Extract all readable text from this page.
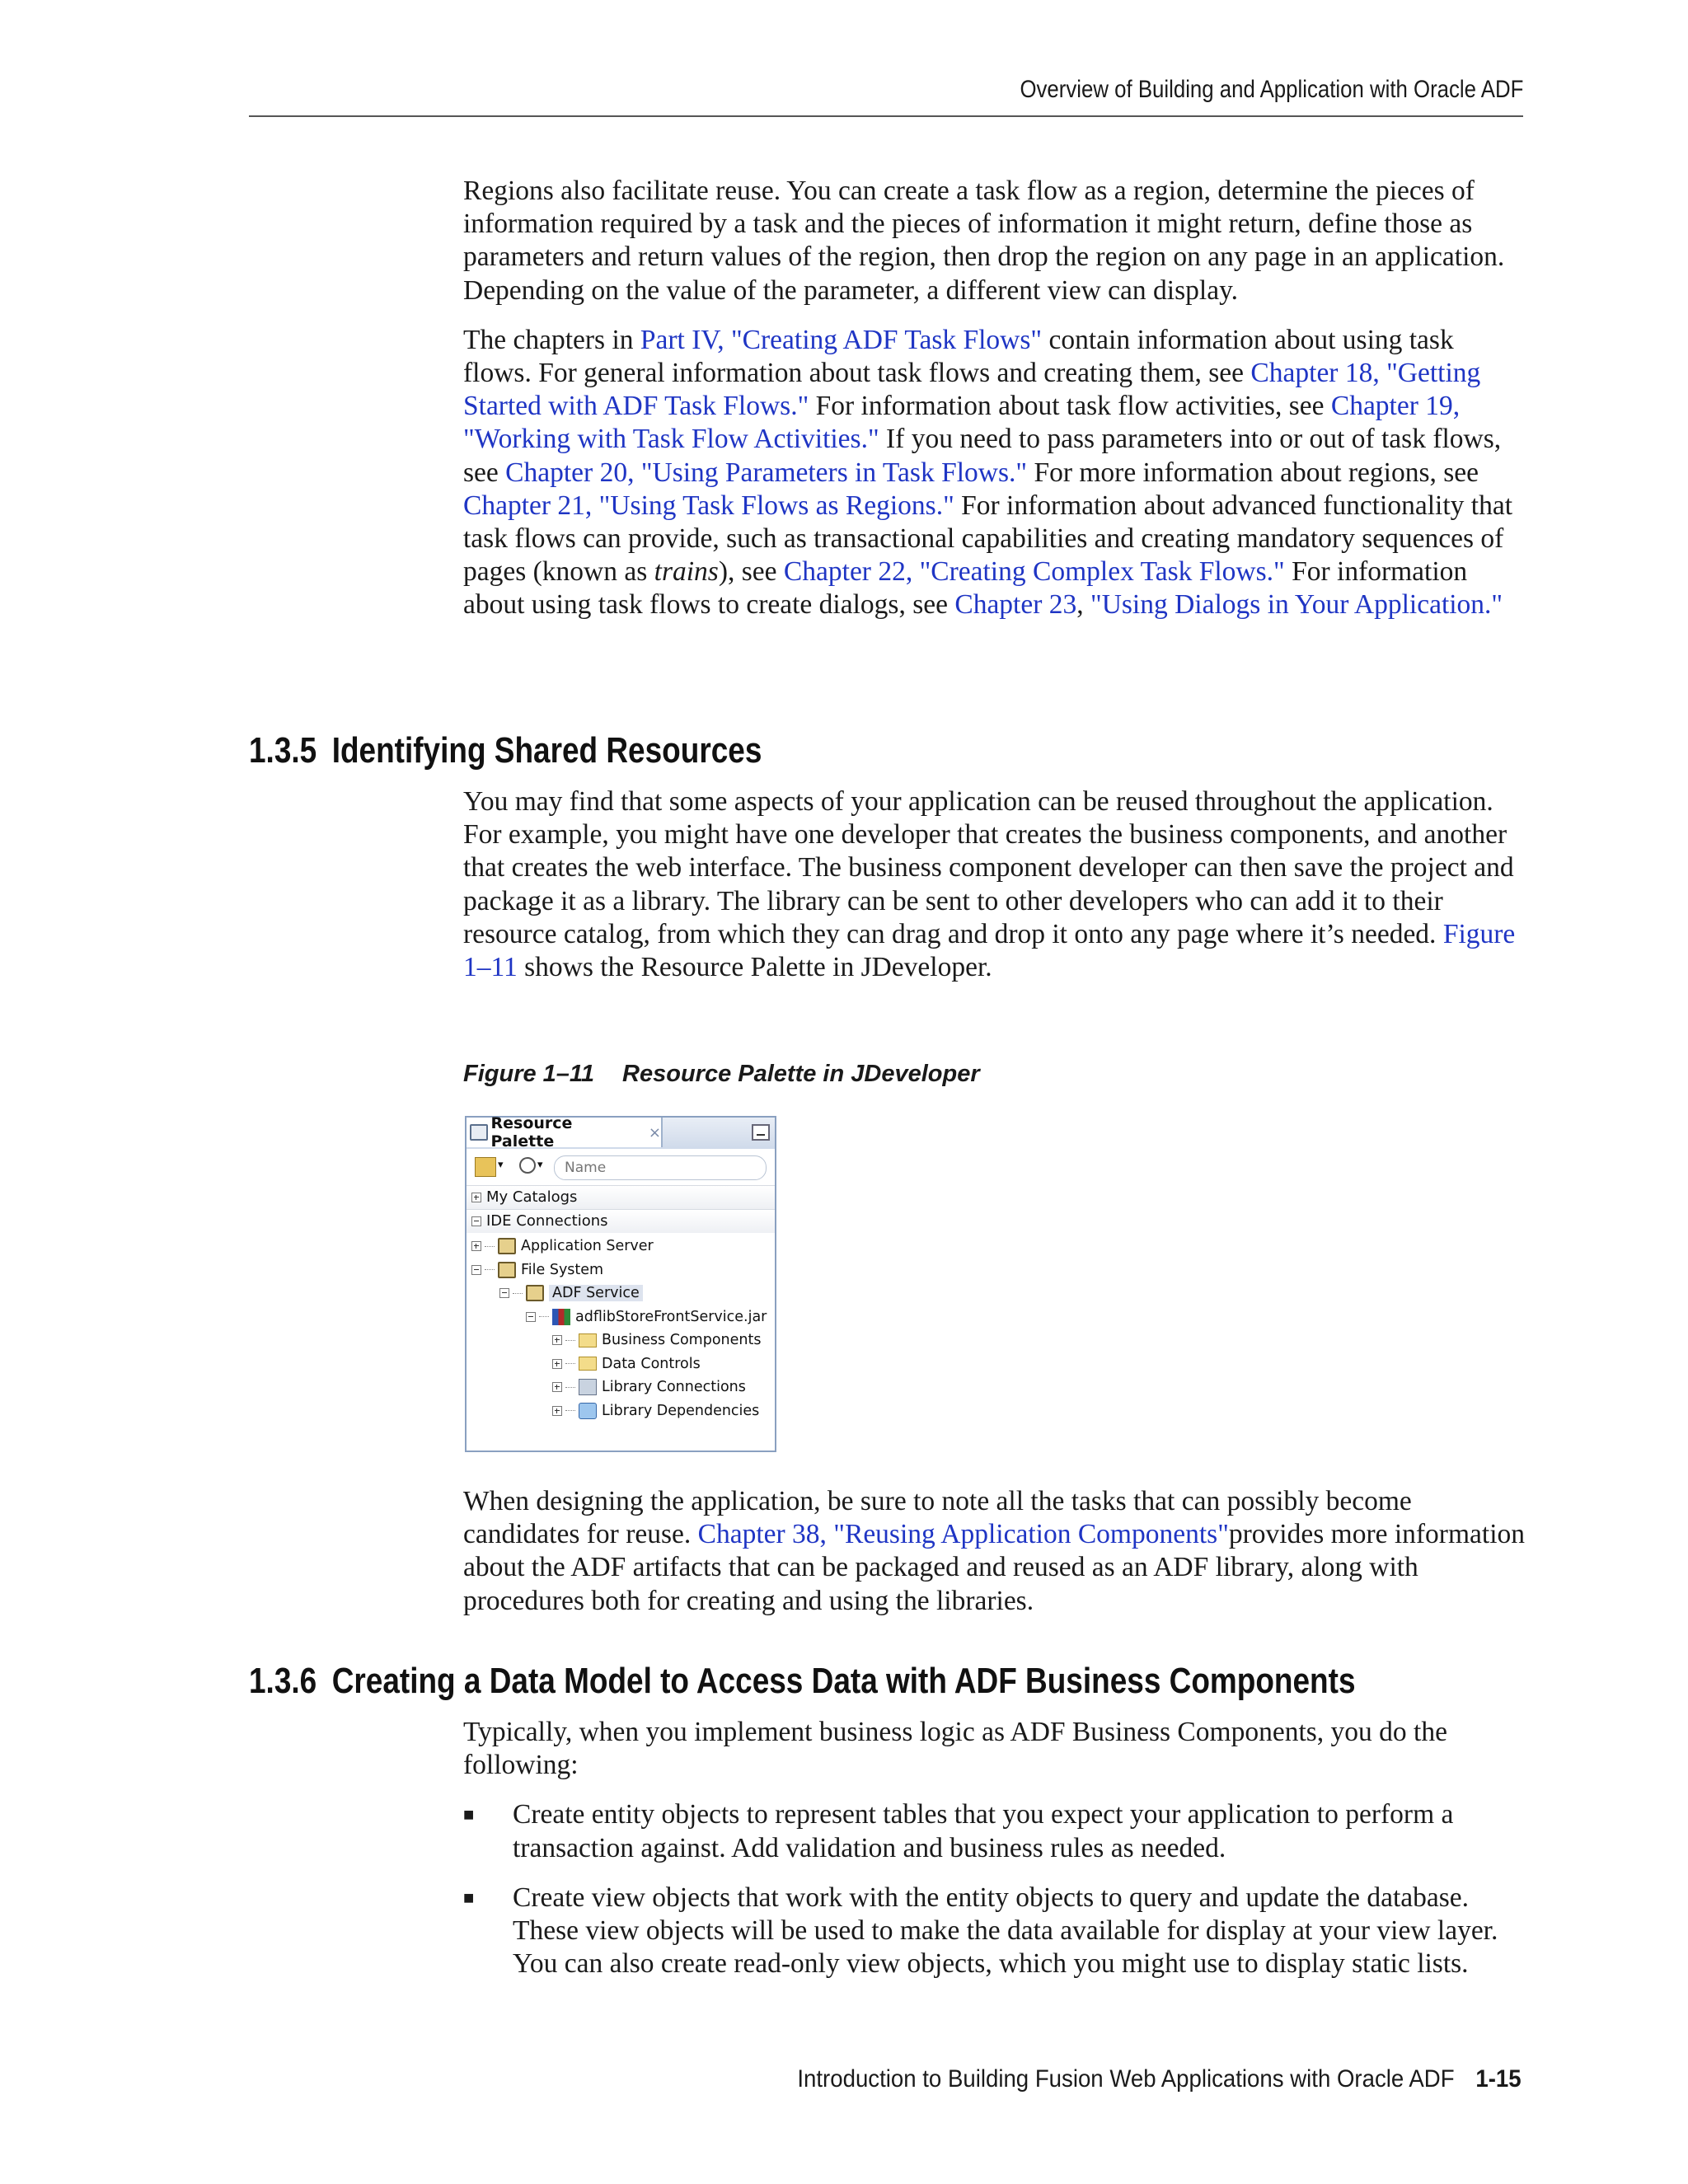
Overview of Building and Application with Oracle ADF

Regions also facilitate reuse. You can create a task flow as a region, determine the pieces of information required by a task and the pieces of information it might return, define those as parameters and return values of the region, then drop the region on any page in an application. Depending on the value of the parameter, a different view can display.

The chapters in Part IV, "Creating ADF Task Flows" contain information about using task flows. For general information about task flows and creating them, see Chapter 18, "Getting Started with ADF Task Flows." For information about task flow activities, see Chapter 19, "Working with Task Flow Activities." If you need to pass parameters into or out of task flows, see Chapter 20, "Using Parameters in Task Flows." For more information about regions, see Chapter 21, "Using Task Flows as Regions." For information about advanced functionality that task flows can provide, such as transactional capabilities and creating mandatory sequences of pages (known as trains), see Chapter 22, "Creating Complex Task Flows." For information about using task flows to create dialogs, see Chapter 23, "Using Dialogs in Your Application."

1.3.5 Identifying Shared Resources

You may find that some aspects of your application can be reused throughout the application. For example, you might have one developer that creates the business components, and another that creates the web interface. The business component developer can then save the project and package it as a library. The library can be sent to other developers who can add it to their resource catalog, from which they can drag and drop it onto any page where it’s needed. Figure 1–11 shows the Resource Palette in JDeveloper.

Figure 1–11 Resource Palette in JDeveloper
Resource Palette	×
▾	▾
Name
My Catalogs
IDE Connections
Application Server
File System
ADF Service
adflibStoreFrontService.jar
Business Components
Data Controls
Library Connections
Library Dependencies

When designing the application, be sure to note all the tasks that can possibly become candidates for reuse. Chapter 38, "Reusing Application Components"provides more information about the ADF artifacts that can be packaged and reused as an ADF library, along with procedures both for creating and using the libraries.

1.3.6 Creating a Data Model to Access Data with ADF Business Components

Typically, when you implement business logic as ADF Business Components, you do the following:

■ Create entity objects to represent tables that you expect your application to perform a transaction against. Add validation and business rules as needed.
■ Create view objects that work with the entity objects to query and update the database. These view objects will be used to make the data available for display at your view layer. You can also create read-only view objects, which you might use to display static lists.
Introduction to Building Fusion Web Applications with Oracle ADF 1-15
